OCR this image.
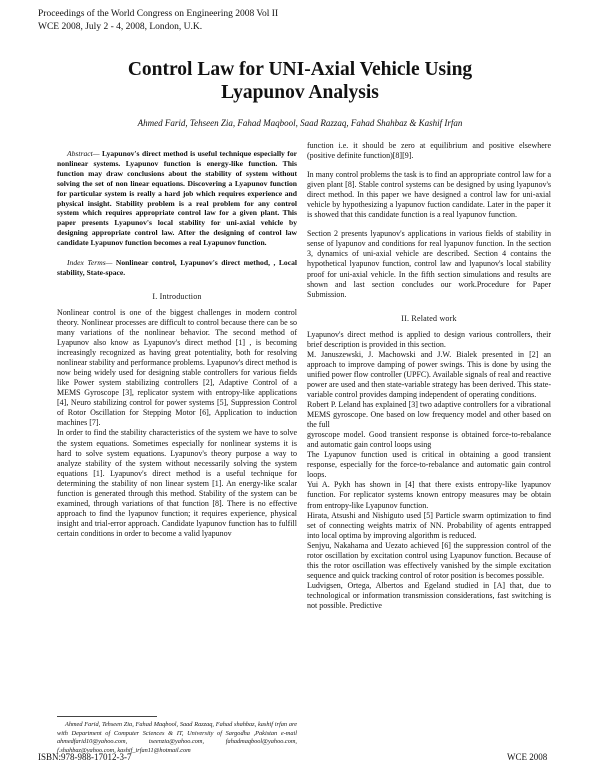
Proceedings of the World Congress on Engineering 2008 Vol II
WCE 2008, July 2 - 4, 2008, London, U.K.
Control Law for UNI-Axial Vehicle Using
Lyapunov Analysis
Ahmed Farid, Tehseen Zia, Fahad Maqbool, Saad Razzaq, Fahad Shahbaz & Kashif Irfan

Abstract— Lyapunov's direct method is useful technique especially for nonlinear systems. Lyapunov function is energy-like function. This function may draw conclusions about the stability of system without solving the set of non linear equations. Discovering a Lyapunov function for particular system is really a hard job which requires experience and physical insight. Stability problem is a real problem for any control system which requires appropriate control law for a given plant. This paper presents Lyapunov's local stability for uni-axial vehicle by designing appropriate control law. After the designing of control law candidate Lyapunov function becomes a real Lyapunov function.

Index Terms— Nonlinear control, Lyapunov's direct method, , Local stability, State-space.

I. Introduction

Nonlinear control is one of the biggest challenges in modern control theory. Nonlinear processes are difficult to control because there can be so many variations of the nonlinear behavior. The second method of Lyapunov also know as Lyapunov's direct method [1] , is becoming increasingly recognized as having great potentiality, both for resolving nonlinear stability and performance problems. Lyapunov's direct method is now being widely used for designing stable controllers for various fields like Power system stabilizing controllers [2], Adaptive Control of a MEMS Gyroscope [3], replicator system with entropy-like applications [4], Neuro stabilizing control for power systems [5], Suppression Control of Rotor Oscillation for Stepping Motor [6], Application to induction machines [7].

In order to find the stability characteristics of the system we have to solve the system equations. Sometimes especially for nonlinear systems it is hard to solve system equations. Lyapunov's theory purpose a way to analyze stability of the system without necessarily solving the system equations [1]. Lyapunov's direct method is a useful technique for determining the stability of non linear system [1]. An energy-like scalar function is generated through this method. Stability of the system can be examined, through variations of that function [8]. There is no effective approach to find the lyapunov function; it requires experience, physical insight and trial-error approach. Candidate lyapunov function has to fulfill certain conditions in order to become a valid lyapunov

function i.e. it should be zero at equilibrium and positive elsewhere (positive definite function)[8][9].

In many control problems the task is to find an appropriate control law for a given plant [8]. Stable control systems can be designed by using lyapunov's direct method. In this paper we have designed a control law for uni-axial vehicle by hypothesizing a lyapunov fuction candidate. Later in the paper it is showed that this candidate function is a real lyapunov function.

Section 2 presents lyapunov's applications in various fields of stability in sense of lyapunov and conditions for real lyapunov function. In the section 3, dynamics of uni-axial vehicle are described. Section 4 contains the hypothetical lyapunov function, control law and lyapunov's local stability proof for uni-axial vehicle. In the fifth section simulations and results are shown and last section concludes our work.Procedure for Paper Submission.

II. Related work

Lyapunov's direct method is applied to design various controllers, their brief description is provided in this section.

M. Januszewski, J. Machowski and J.W. Bialek presented in [2] an approach to improve damping of power swings. This is done by using the unified power flow controller (UPFC). Available signals of real and reactive power are used and then state-variable strategy has been derived. This state-variable control provides damping independent of operating conditions.

Robert P. Leland has explained [3] two adaptive controllers for a vibrational MEMS gyroscope. One based on low frequency model and other based on the full

gyroscope model. Good transient response is obtained force-to-rebalance and automatic gain control loops using

The Lyapunov function used is critical in obtaining a good transient response, especially for the force-to-rebalance and automatic gain control loops.

Yui A. Pykh has shown in [4] that there exists entropy-like lyapunov function. For replicator systems known entropy measures may be obtain from entropy-like Lyapunov function.

Hirata, Atsushi and Nishiguto used [5] Particle swarm optimization to find set of connecting weights matrix of NN. Probability of agents entrapped into local optima by improving algorithm is reduced.

Senjyu, Nakahama and Uezato achieved [6] the suppression control of the rotor oscillation by excitation control using Lyapunov function. Because of this the rotor oscillation was effectively vanished by the simple excitation sequence and quick tracking control of rotor position is becomes possible.

Ludvigsen, Ortega, Albertos and Egeland studied in [A] that, due to technological or information transmission considerations, fast switching is not possible. Predictive

Ahmed Farid, Tehseen Zia, Fahad Maqbool, Saad Razzaq, Fahad shahbaz, kashif irfan are with Department of Computer Sciences & IT, University of Sargodha ,Pakistan e-mail ahmedfarid10@yahoo.com, tseenzia@yahoo.com, fahadmaqbool@yahoo.com, f.shahbaz@yahoo.com, kashif_irfan11@hotmail.com

ISBN:978-988-17012-3-7	WCE 2008
